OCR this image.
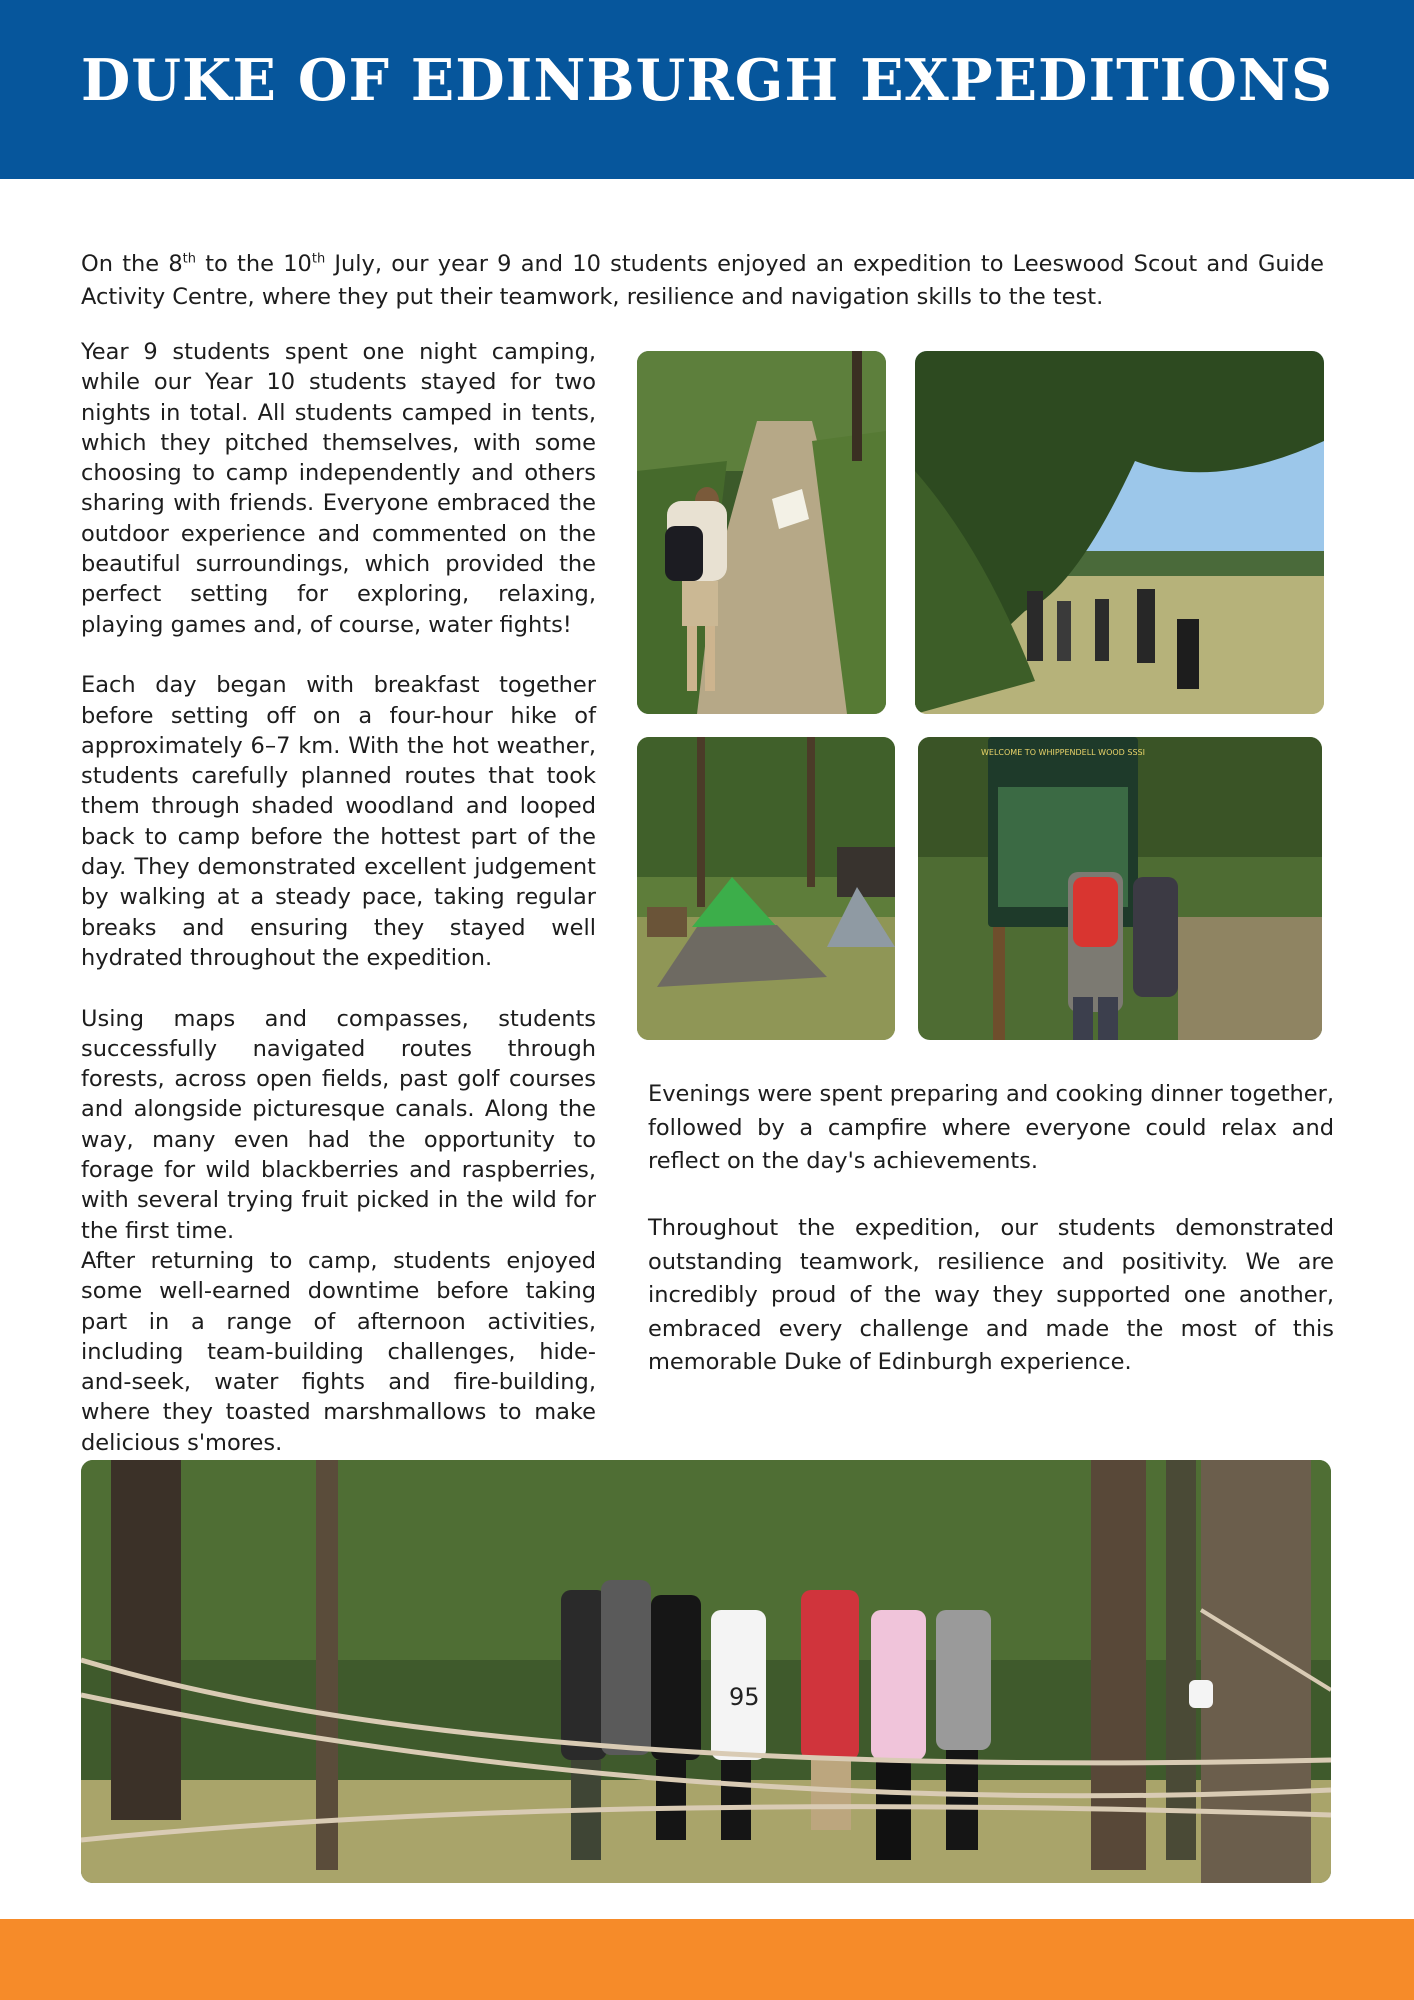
DUKE OF EDINBURGH EXPEDITIONS
On the 8th to the 10th July, our year 9 and 10 students enjoyed an expedition to Leeswood Scout and Guide Activity Centre, where they put their teamwork, resilience and navigation skills to the test.

Year 9 students spent one night camping, while our Year 10 students stayed for two nights in total. All students camped in tents, which they pitched themselves, with some choosing to camp independently and others sharing with friends. Everyone embraced the outdoor experience and commented on the beautiful surroundings, which provided the perfect setting for exploring, relaxing, playing games and, of course, water fights!

Each day began with breakfast together before setting off on a four-hour hike of approximately 6–7 km. With the hot weather, students carefully planned routes that took them through shaded woodland and looped back to camp before the hottest part of the day. They demonstrated excellent judgement by walking at a steady pace, taking regular breaks and ensuring they stayed well hydrated throughout the expedition.

Using maps and compasses, students successfully navigated routes through forests, across open fields, past golf courses and alongside picturesque canals. Along the way, many even had the opportunity to forage for wild blackberries and raspberries, with several trying fruit picked in the wild for the first time.

After returning to camp, students enjoyed some well-earned downtime before taking part in a range of afternoon activities, including team-building challenges, hide-and-seek, water fights and fire-building, where they toasted marshmallows to make delicious s'mores.

WELCOME TO WHIPPENDELL WOOD SSSI

Evenings were spent preparing and cooking dinner together, followed by a campfire where everyone could relax and reflect on the day's achievements.

Throughout the expedition, our students demonstrated outstanding teamwork, resilience and positivity. We are incredibly proud of the way they supported one another, embraced every challenge and made the most of this memorable Duke of Edinburgh experience.

95
